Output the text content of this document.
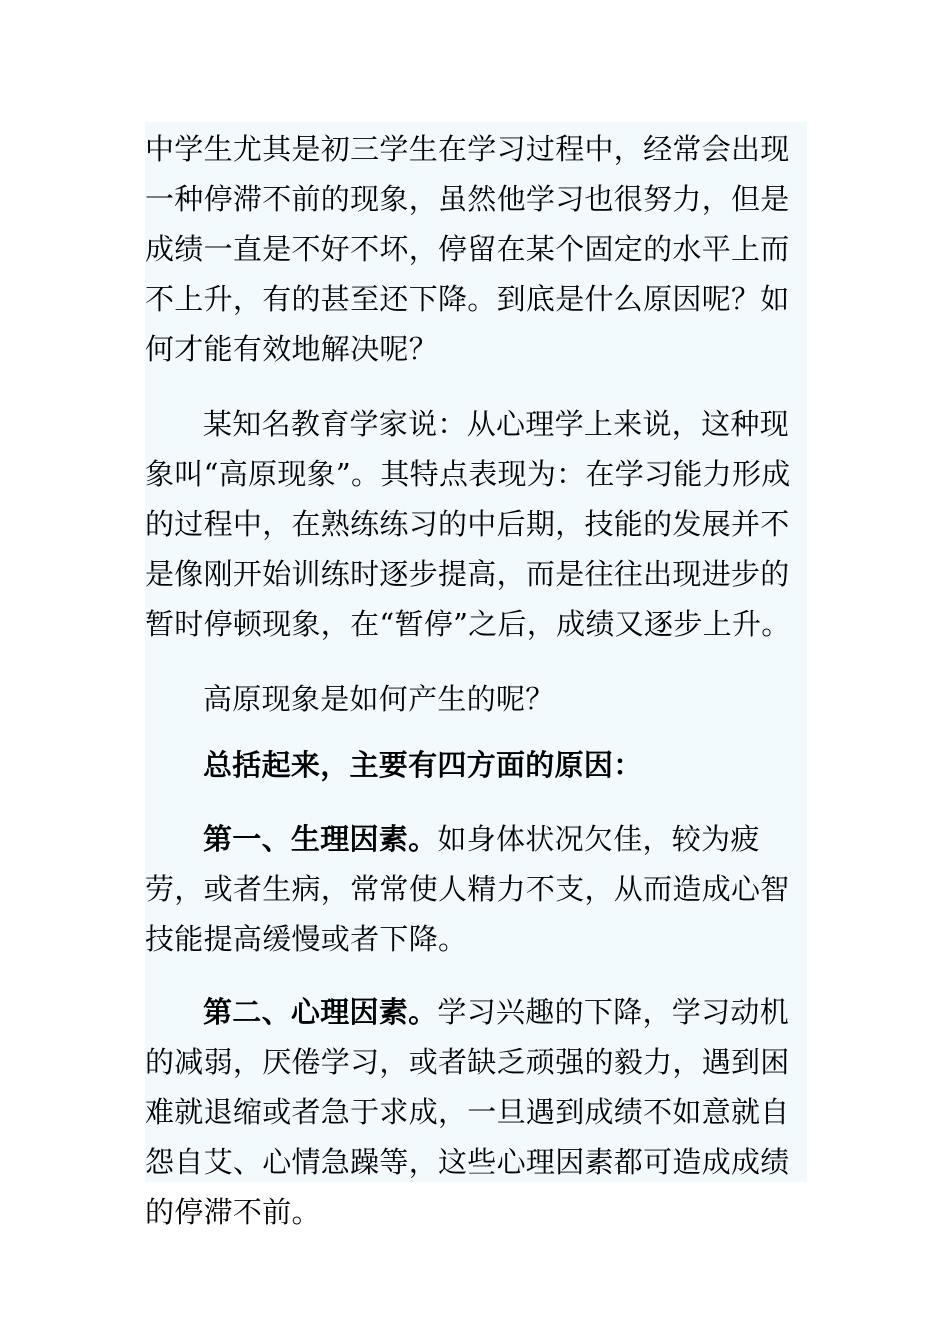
中学生尤其是初三学生在学习过程中，经常会出现一种停滞不前的现象，虽然他学习也很努力，但是成绩一直是不好不坏，停留在某个固定的水平上而不上升，有的甚至还下降。到底是什么原因呢？如何才能有效地解决呢？

某知名教育学家说：从心理学上来说，这种现象叫“高原现象”。其特点表现为：在学习能力形成的过程中，在熟练练习的中后期，技能的发展并不是像刚开始训练时逐步提高，而是往往出现进步的暂时停顿现象，在“暂停”之后，成绩又逐步上升。

高原现象是如何产生的呢？

总括起来，主要有四方面的原因：

第一、生理因素。如身体状况欠佳，较为疲劳，或者生病，常常使人精力不支，从而造成心智技能提高缓慢或者下降。

第二、心理因素。学习兴趣的下降，学习动机的减弱，厌倦学习，或者缺乏顽强的毅力，遇到困难就退缩或者急于求成，一旦遇到成绩不如意就自怨自艾、心情急躁等，这些心理因素都可造成成绩的停滞不前。
